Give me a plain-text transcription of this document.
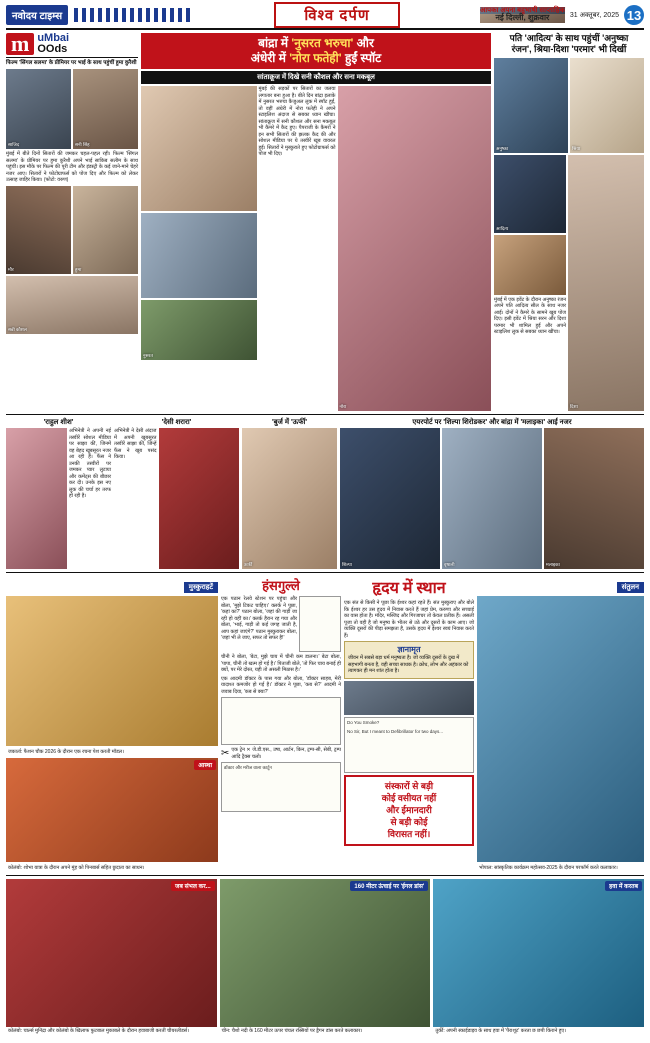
नवोदय टाइम्स	विश्व दर्पण	आपका अपना बहुभाषी साप्ताहिक
नई दिल्ली, शुक्रवार	31 अक्तूबर, 2025 13
m uMbai
OOds
फिल्म 'सिंगल सलमा' के प्रीमियर पर भाई के साथ पहुंचीं हुमा कुरैशी
साजिद	सनी सिंह
मुंबई में बीते दिनों सितारों की जमकर चहल-पहल रही। फिल्म 'सिंगल सलमा' के प्रीमियर पर हुमा कुरैशी अपने भाई साकिब सलीम के साथ पहुंचीं। इस मौके पर फिल्म की पूरी टीम और इंडस्ट्री के कई जाने-माने चेहरे नजर आए। सितारों ने फोटोग्राफर्स को पोज दिए और फिल्म को लेकर उत्साह जाहिर किया। (फोटो: वरुण)
मौर	हुमा
सन्नी कौशल
बांद्रा में 'नुसरत भरुचा' और
अंधेरी में 'नोरा फतेही' हुईं स्पॉट
सांताक्रूज में दिखे सनी कौशल और सना मकबूल
नुसरत
मुंबई की सड़कों पर सितारों का जलवा लगातार बना हुआ है। बीते दिन बांद्रा इलाके में नुसरत भरुचा कैजुअल लुक में स्पॉट हुईं, तो वहीं अंधेरी में नोरा फतेही ने अपने स्टाइलिश अंदाज से सबका ध्यान खींचा। सांताक्रूज में सनी कौशल और सना मकबूल भी कैमरे में कैद हुए। पैपराजी के कैमरों ने इन सभी सितारों की झलक कैद की और सोशल मीडिया पर ये तस्वीरें खूब वायरल हुईं। सितारों ने मुस्कुराते हुए फोटोग्राफर्स को पोज भी दिए।
नोरा
पति 'आदित्य' के साथ पहुंचीं 'अनुष्का
रंजन', श्रिया-दिशा 'परमार' भी दिखीं
अनुष्का	श्रिया
आदित्य
मुंबई में एक इवेंट के दौरान अनुष्का रंजन अपने पति आदित्य सील के साथ नजर आईं। दोनों ने कैमरे के सामने खूब पोज दिए। इसी इवेंट में श्रिया सरन और दिशा परमार भी शामिल हुईं और अपने स्टाइलिश लुक से सबका ध्यान खींचा।
दिशा
'राहुल शीश'
अभिनेत्री ने अपनी नई तस्वीरें सोशल मीडिया पर साझा कीं, जिनमें वह बेहद खूबसूरत नजर आ रही हैं। फैंस ने उनकी तस्वीरों पर जमकर प्यार लुटाया और कमेंट्स की बौछार कर दी। उनके इस नए लुक की चर्चा हर तरफ हो रही है।
'देसी शरारा'
अभिनेत्री ने देसी अंदाज में अपनी खूबसूरत तस्वीरें साझा कीं, जिन्हें फैंस ने खूब पसंद किया।
'बुर्ज में 'ऊर्फी'
ऊर्फी
एयरपोर्ट पर 'शिल्पा शिरोडकर' और बांद्रा में 'मलाइका' आई नजर
शिल्पा	वृषाली	मलाइका
मुस्कुराहटें
जकार्ता: फैशन चौक 2026 के दौरान एक रचना पेश करती मॉडल।
आस्था
कोलंबो: शोभा यात्रा के दौरान अपने मुंह को पिनबार्स सहित छुदाता का साधन।
हंसगुल्ले
एक पठान रेलवे स्टेशन पर पहुंचा और बोला, 'मुझे टिकट चाहिए।' क्लर्क ने पूछा, 'कहां का?' पठान बोला, 'जहां की गाड़ी जा रही हो वहीं का।' क्लर्क हैरान रह गया और बोला, 'भाई, गाड़ी तो कई जगह जाती है, आप कहां जाएंगे?' पठान मुस्कुराकर बोला, 'जहां भी ले जाए, सफर तो सफर है!'
चीनी ने बोला, 'बेटा, मुझे चाय में चीनी कम डालना।' बेटा बोला, 'पापा, चीनी तो खत्म हो गई है।' पिताजी बोले, 'तो फिर चाय बनाई ही क्यों, पर मेरे दोस्त, यही तो असली मिठास है।'
एक आदमी डॉक्टर के पास गया और बोला, 'डॉक्टर साहब, मेरी यादाश्त कमजोर हो गई है।' डॉक्टर ने पूछा, 'कब से?' आदमी ने जवाब दिया, 'कब से क्या?'
✂ एक ट्रेन ✕ जे.डी.एस., उषा, आर्टन, किन, ट्रम्प-सी, सेबी, ट्रम्प आदि ट्रैक्स चलो।
डॉक्टर और मरीज वाला कार्टून
हृदय में स्थान
एक संत से किसी ने पूछा कि ईश्वर कहां रहते हैं। संत मुस्कुराए और बोले कि ईश्वर हर उस हृदय में निवास करते हैं जहां प्रेम, करुणा और सच्चाई का वास होता है। मंदिर, मस्जिद और गिरजाघर तो केवल प्रतीक हैं। असली पूजा तो वही है जो मनुष्य के भीतर से उठे और दूसरों के काम आए। जो व्यक्ति दूसरों की पीड़ा समझता है, उसके हृदय में ईश्वर स्वयं निवास करते हैं।
ज्ञानामृत
जीवन में सबसे बड़ा धर्म मनुष्यता है। जो व्यक्ति दूसरों के दुख में सहभागी बनता है, वही सच्चा साधक है। क्रोध, लोभ और अहंकार को त्यागकर ही मन शांत होता है।
Do You Smoke?
No Sir, But I meant to Defibrillator for two days...
संस्कारों से बड़ी
कोई वसीयत नहीं
और ईमानदारी
से बड़ी कोई
विरासत नहीं।
संतुलन
भोपाल: सांस्कृतिक कार्यक्रम महोत्सव-2025 के दौरान परफॉर्म करते कलाकार।
जब संभल कर...
कोलंबो: चार्ल्स मुनिंद्रा और कोलंबो के खिलाफ फुटबाल मुकाबले के दौरान हवाबाजी करतीं चीयरलीडर्स।
160 मीटर ऊंचाई पर 'ईगल डांस'
चीन: चैशो नदी के 160 मीटर ऊपर चंचल रस्सियों पर ड्रैगन डांस करते कलाकार।
हवा में करतब
तुर्की: अपनी स्काईडाइव के साथ हवा में 'पैराशूट' करता छ छपी किराने हुए।
